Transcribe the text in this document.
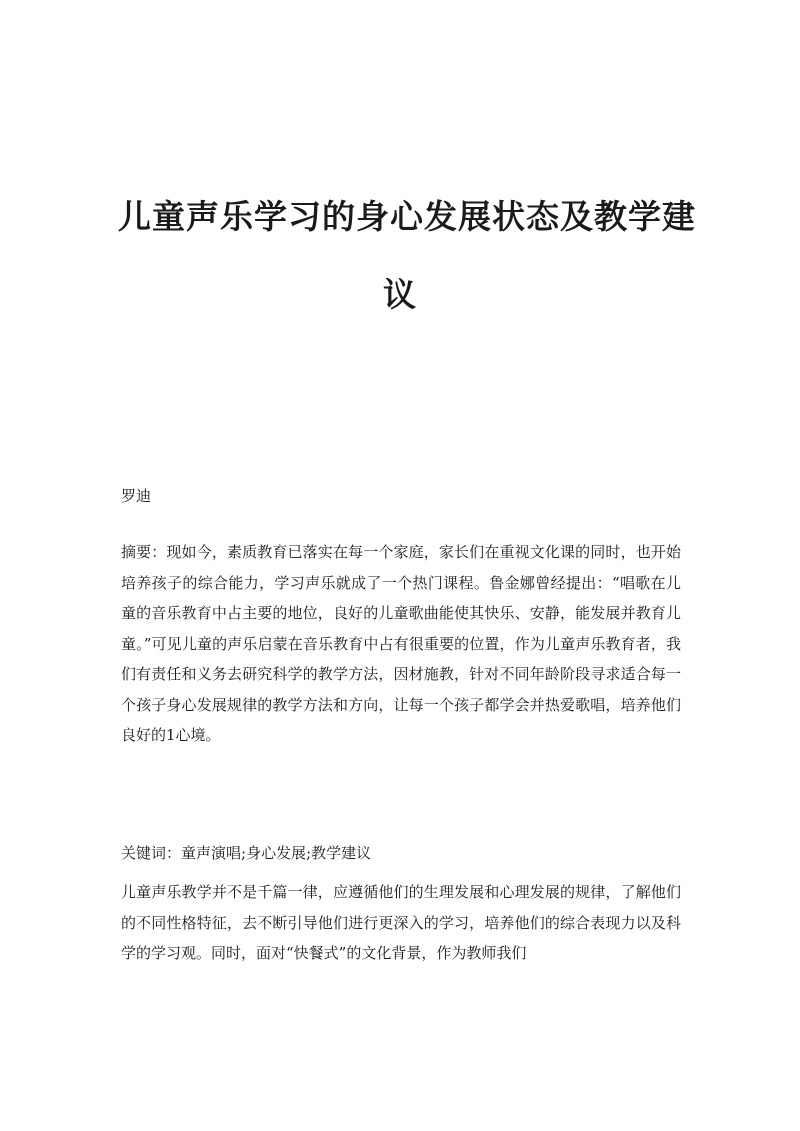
儿童声乐学习的身心发展状态及教学建
议
罗迪

摘要：现如今，素质教育已落实在每一个家庭，家长们在重视文化课的同时，也开始培养孩子的综合能力，学习声乐就成了一个热门课程。鲁金娜曾经提出：“唱歌在儿童的音乐教育中占主要的地位，良好的儿童歌曲能使其快乐、安静，能发展并教育儿童。”可见儿童的声乐启蒙在音乐教育中占有很重要的位置，作为儿童声乐教育者，我们有责任和义务去研究科学的教学方法，因材施教，针对不同年龄阶段寻求适合每一个孩子身心发展规律的教学方法和方向，让每一个孩子都学会并热爱歌唱，培养他们良好的1心境。

关键词：童声演唱;身心发展;教学建议

儿童声乐教学并不是千篇一律，应遵循他们的生理发展和心理发展的规律，了解他们的不同性格特征，去不断引导他们进行更深入的学习，培养他们的综合表现力以及科学的学习观。同时，面对“快餐式”的文化背景，作为教师我们
